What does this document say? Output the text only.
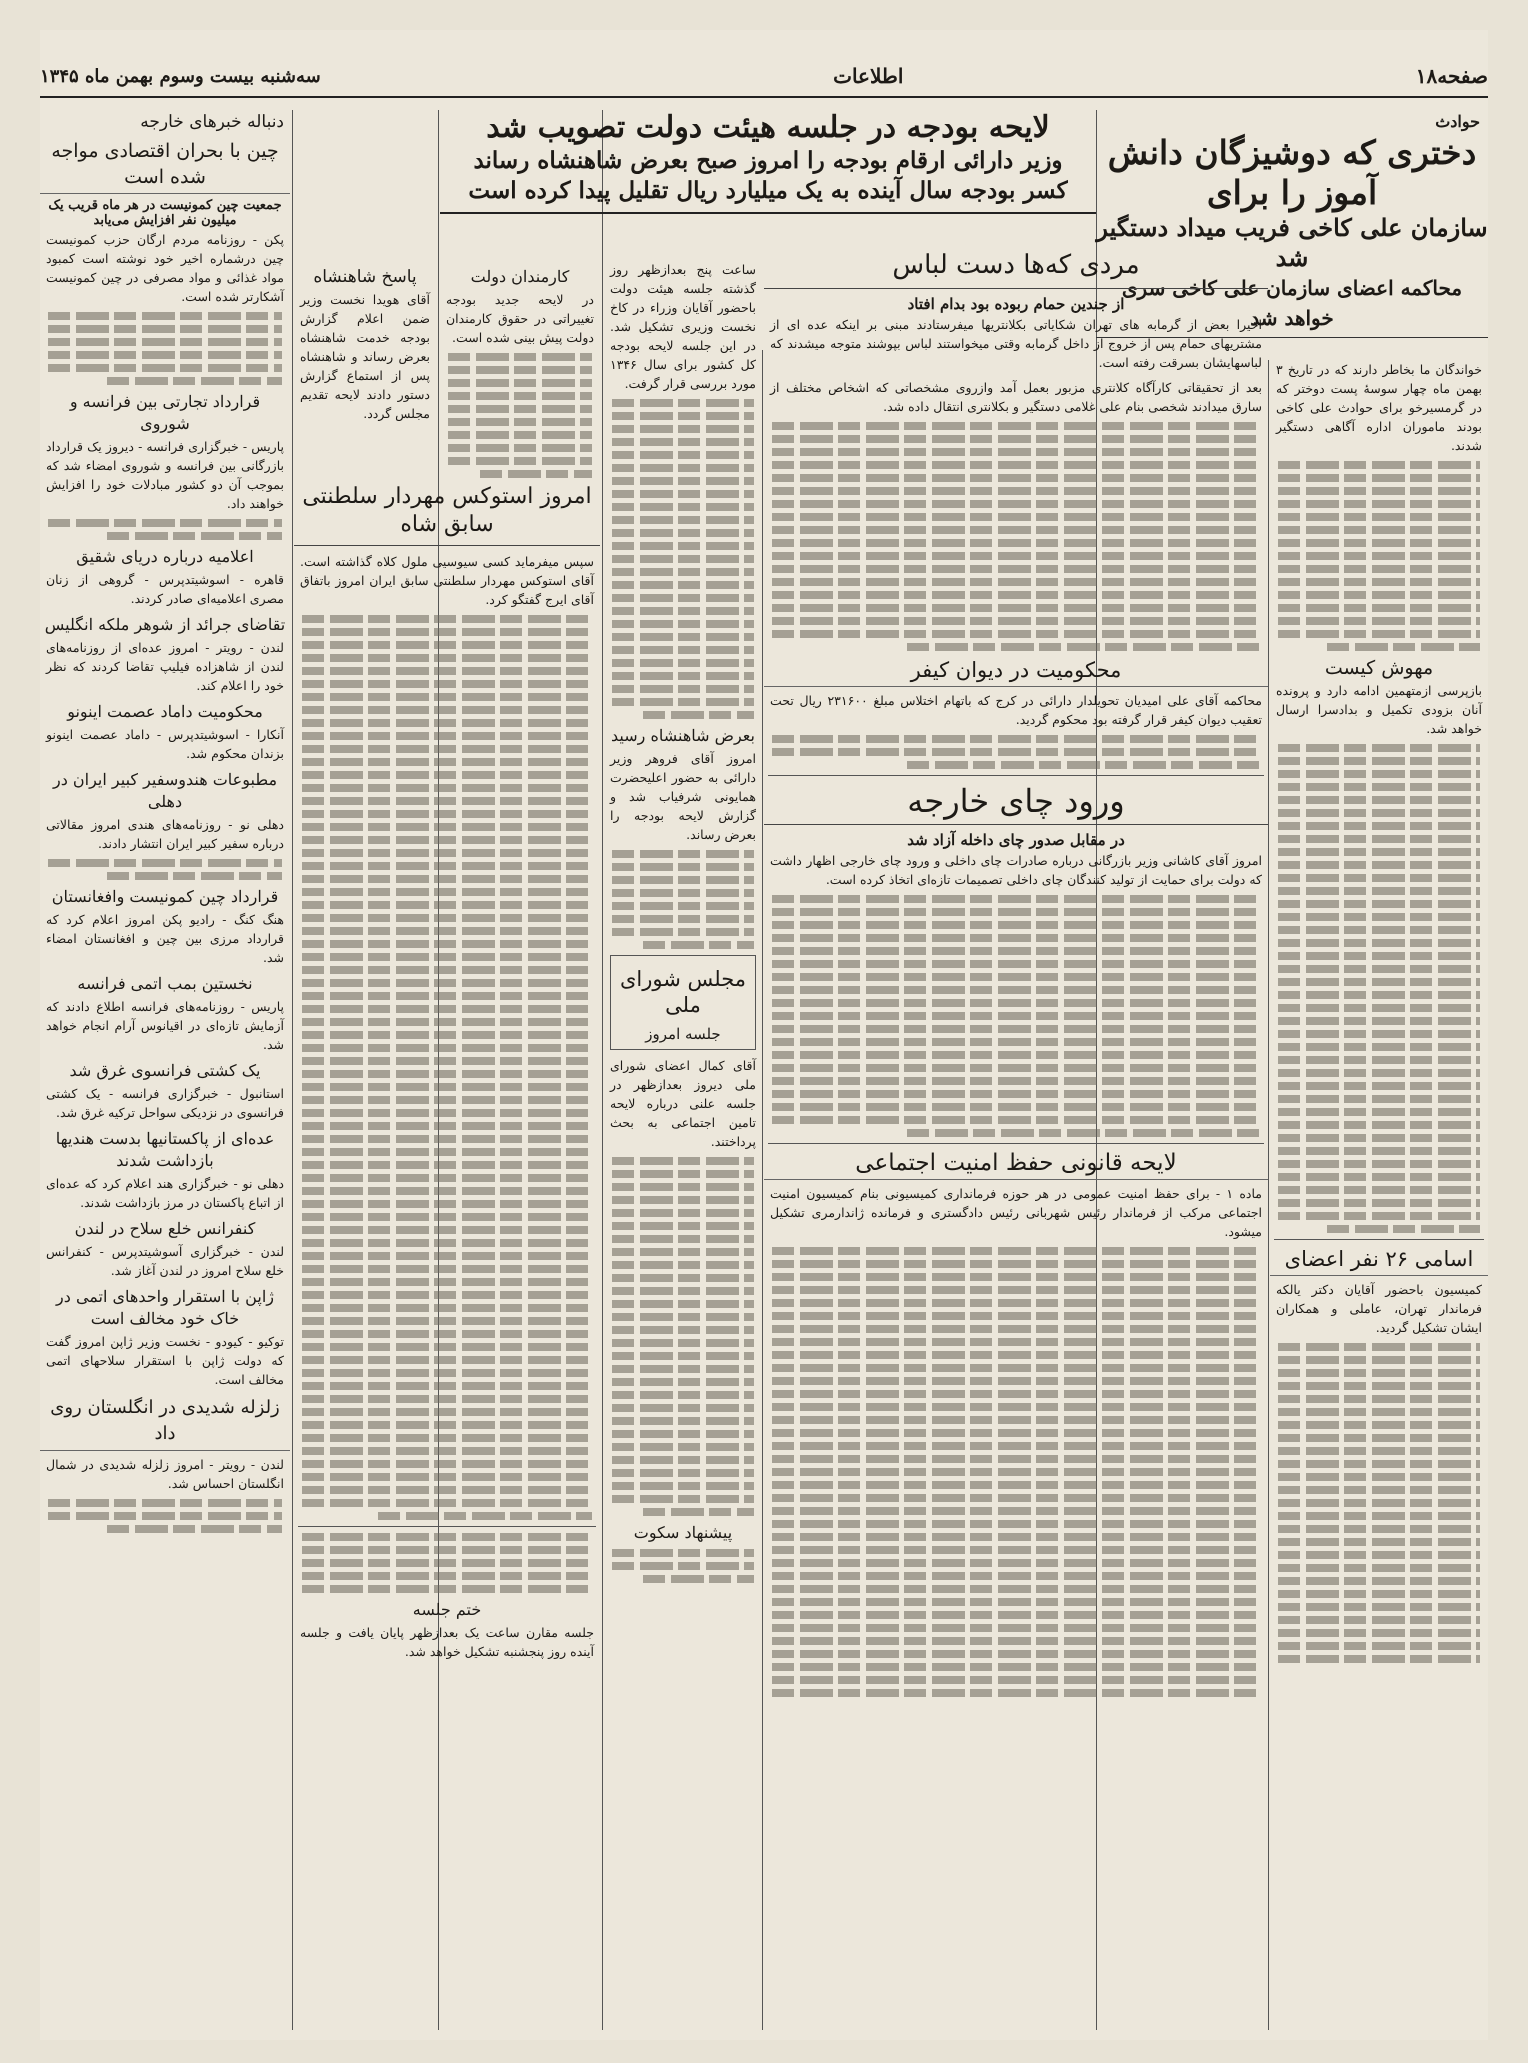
صفحه۱۸
اطلاعات
سه‌شنبه بیست وسوم بهمن ماه ۱۳۴۵
حوادث
دختری که دوشیزگان دانش آموز را برای
سازمان علی کاخی فریب میداد دستگیر شد
محاکمه اعضای سازمان علی کاخی سری خواهد شد
خواندگان ما بخاطر دارند که در تاریخ ۳ بهمن ماه چهار سوسهٔ پست دوختر که در گرمسیرخو برای حوادث علی کاخی بودند ماموران اداره آگاهی دستگیر شدند.
مهوش کیست
بازپرسی ازمتهمین ادامه دارد و پرونده آنان بزودی تکمیل و بدادسرا ارسال خواهد شد.
اسامی ۲۶ نفر اعضای
کمیسیون باحضور آقایان دکتر یالکه فرماندار تهران، عاملی و همکاران ایشان تشکیل گردید.
مردی که‌ها دست لباس
از جندین حمام ربوده بود بدام افتاد
اخیرا بعض از گرمابه های تهران شکایاتی بکلانتریها میفرستادند مبنی بر اینکه عده ای از مشتریهای حمام پس از خروج از داخل گرمابه وقتی میخواستند لباس بپوشند متوجه میشدند که لباسهایشان بسرقت رفته است.
بعد از تحقیقاتی کارآگاه کلانتری مزبور بعمل آمد وازروی مشخصاتی که اشخاص مختلف از سارق میدادند شخصی بنام علی غلامی دستگیر و بکلانتری انتقال داده شد.
محکومیت در دیوان کیفر
محاکمه آقای علی امیدیان تحویلدار دارائی در کرج که باتهام اختلاس مبلغ ۲۳۱۶۰۰ ریال تحت تعقیب دیوان کیفر قرار گرفته بود محکوم گردید.
ورود چای خارجه
در مقابل صدور چای داخله آزاد شد
امروز آقای کاشانی وزیر بازرگانی درباره صادرات چای داخلی و ورود چای خارجی اظهار داشت که دولت برای حمایت از تولید کنندگان چای داخلی تصمیمات تازه‌ای اتخاذ کرده است.
لایحه قانونی حفظ امنیت اجتماعی
ماده ۱ - برای حفظ امنیت عمومی در هر حوزه فرمانداری کمیسیونی بنام کمیسیون امنیت اجتماعی مرکب از فرماندار رئیس شهربانی رئیس دادگستری و فرمانده ژاندارمری تشکیل میشود.
لایحه بودجه در جلسه هیئت دولت تصویب شد
وزیر دارائی ارقام بودجه را امروز صبح بعرض شاهنشاه رساند
کسر بودجه سال آینده به یک میلیارد ریال تقلیل پیدا کرده است
ساعت پنج بعدازظهر روز گذشته جلسه هیئت دولت باحضور آقایان وزراء در کاخ نخست وزیری تشکیل شد. در این جلسه لایحه بودجه کل کشور برای سال ۱۳۴۶ مورد بررسی قرار گرفت.
بعرض شاهنشاه رسید
امروز آقای فروهر وزیر دارائی به حضور اعلیحضرت همایونی شرفیاب شد و گزارش لایحه بودجه را بعرض رساند.
مجلس شورای ملی
جلسه امروز
آقای کمال اعضای شورای ملی دیروز بعدازظهر در جلسه علنی درباره لایحه تامین اجتماعی به بحث پرداختند.
پیشنهاد سکوت
کارمندان دولت
در لایحه جدید بودجه تغییراتی در حقوق کارمندان دولت پیش بینی شده است.
امروز استوکس مهردار سلطنتی سابق شاه
سپس میفرماید کسی سیوسیی ملول کلاه گذاشته است. آقای استوکس مهردار سلطنتی سابق ایران امروز باتفاق آقای ایرج گفتگو کرد.
ختم جلسه
جلسه مقارن ساعت یک بعدازظهر پایان یافت و جلسه آینده روز پنجشنبه تشکیل خواهد شد.
پاسخ شاهنشاه
آقای هویدا نخست وزیر ضمن اعلام گزارش بودجه خدمت شاهنشاه بعرض رساند و شاهنشاه پس از استماع گزارش دستور دادند لایحه تقدیم مجلس گردد.
دنباله خبرهای خارجه
چین با بحران اقتصادی مواجه شده است
جمعیت چین کمونیست در هر ماه قریب یک میلیون نفر افزایش می‌یابد
پکن - روزنامه مردم ارگان حزب کمونیست چین درشماره اخیر خود نوشته است کمبود مواد غذائی و مواد مصرفی در چین کمونیست آشکارتر شده است.
قرارداد تجارتی بین فرانسه و شوروی
پاریس - خبرگزاری فرانسه - دیروز یک قرارداد بازرگانی بین فرانسه و شوروی امضاء شد که بموجب آن دو کشور مبادلات خود را افزایش خواهند داد.
اعلامیه درباره دریای شقیق
قاهره - اسوشیتدپرس - گروهی از زنان مصری اعلامیه‌ای صادر کردند.
تقاضای جرائد از شوهر ملکه انگلیس
لندن - رویتر - امروز عده‌ای از روزنامه‌های لندن از شاهزاده فیلیپ تقاضا کردند که نظر خود را اعلام کند.
محکومیت داماد عصمت اینونو
آنکارا - اسوشیتدپرس - داماد عصمت اینونو بزندان محکوم شد.
مطبوعات هندوسفیر کبیر ایران در دهلی
دهلی نو - روزنامه‌های هندی امروز مقالاتی درباره سفیر کبیر ایران انتشار دادند.
قرارداد چین کمونیست وافغانستان
هنگ کنگ - رادیو پکن امروز اعلام کرد که قرارداد مرزی بین چین و افغانستان امضاء شد.
نخستین بمب اتمی فرانسه
پاریس - روزنامه‌های فرانسه اطلاع دادند که آزمایش تازه‌ای در اقیانوس آرام انجام خواهد شد.
یک کشتی فرانسوی غرق شد
استانبول - خبرگزاری فرانسه - یک کشتی فرانسوی در نزدیکی سواحل ترکیه غرق شد.
عده‌ای از پاکستانیها بدست هندیها بازداشت شدند
دهلی نو - خبرگزاری هند اعلام کرد که عده‌ای از اتباع پاکستان در مرز بازداشت شدند.
کنفرانس خلع سلاح در لندن
لندن - خبرگزاری آسوشیتدپرس - کنفرانس خلع سلاح امروز در لندن آغاز شد.
ژاپن با استقرار واحدهای اتمی در خاک خود مخالف است
توکیو - کیودو - نخست وزیر ژاپن امروز گفت که دولت ژاپن با استقرار سلاحهای اتمی مخالف است.
زلزله شدیدی در انگلستان روی داد
لندن - رویتر - امروز زلزله شدیدی در شمال انگلستان احساس شد.
